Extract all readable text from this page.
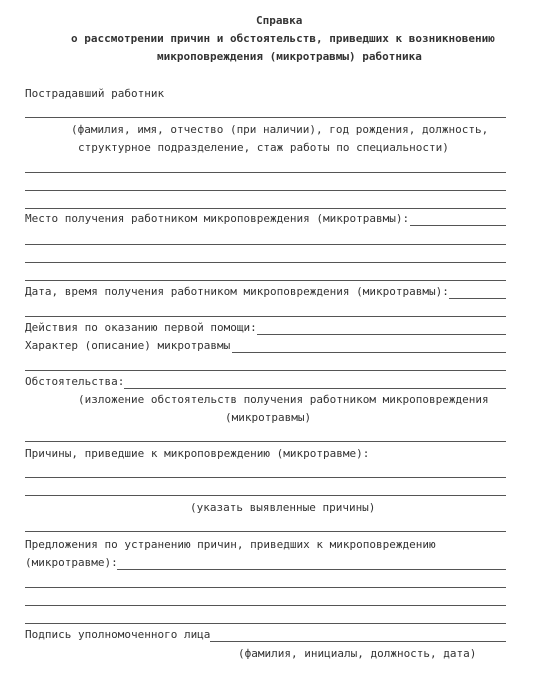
Справка
о рассмотрении причин и обстоятельств, приведших к возникновению
микроповреждения (микротравмы) работника
Пострадавший работник
(фамилия, имя, отчество (при наличии), год рождения, должность,
структурное подразделение, стаж работы по специальности)
Место получения работником микроповреждения (микротравмы):
Дата, время получения работником микроповреждения (микротравмы):
Действия по оказанию первой помощи:
Характер (описание) микротравмы
Обстоятельства:
(изложение обстоятельств получения работником микроповреждения
(микротравмы)
Причины, приведшие к микроповреждению (микротравме):
(указать выявленные причины)
Предложения по устранению причин, приведших к микроповреждению
(микротравме):
Подпись уполномоченного лица
(фамилия, инициалы, должность, дата)
